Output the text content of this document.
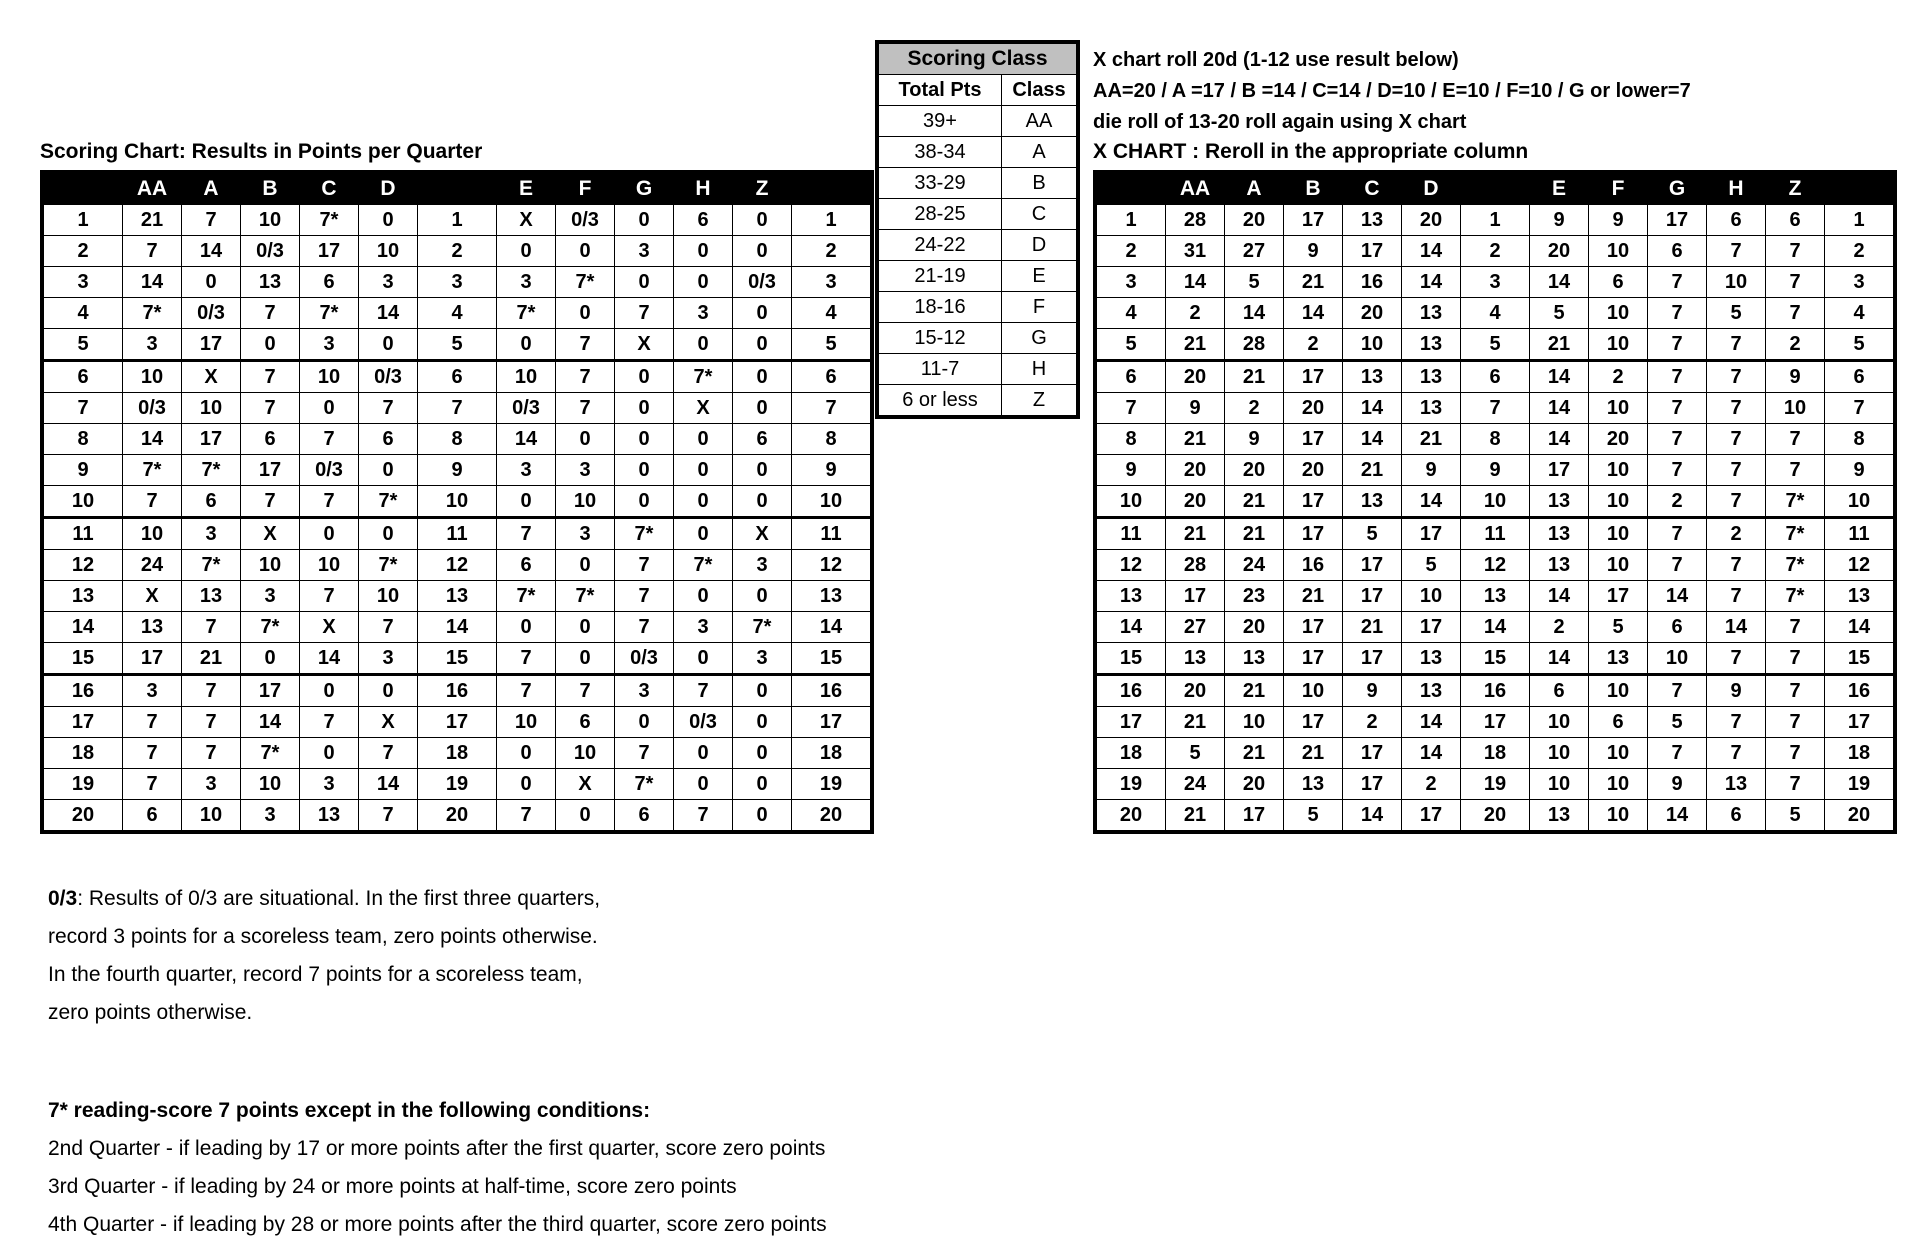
Scoring Chart: Results in Points per Quarter
	AA	A	B	C	D		E	F	G	H	Z	
1	21	7	10	7*	0	1	X	0/3	0	6	0	1
2	7	14	0/3	17	10	2	0	0	3	0	0	2
3	14	0	13	6	3	3	3	7*	0	0	0/3	3
4	7*	0/3	7	7*	14	4	7*	0	7	3	0	4
5	3	17	0	3	0	5	0	7	X	0	0	5
6	10	X	7	10	0/3	6	10	7	0	7*	0	6
7	0/3	10	7	0	7	7	0/3	7	0	X	0	7
8	14	17	6	7	6	8	14	0	0	0	6	8
9	7*	7*	17	0/3	0	9	3	3	0	0	0	9
10	7	6	7	7	7*	10	0	10	0	0	0	10
11	10	3	X	0	0	11	7	3	7*	0	X	11
12	24	7*	10	10	7*	12	6	0	7	7*	3	12
13	X	13	3	7	10	13	7*	7*	7	0	0	13
14	13	7	7*	X	7	14	0	0	7	3	7*	14
15	17	21	0	14	3	15	7	0	0/3	0	3	15
16	3	7	17	0	0	16	7	7	3	7	0	16
17	7	7	14	7	X	17	10	6	0	0/3	0	17
18	7	7	7*	0	7	18	0	10	7	0	0	18
19	7	3	10	3	14	19	0	X	7*	0	0	19
20	6	10	3	13	7	20	7	0	6	7	0	20
Scoring Class	
Total Pts	Class
39+	AA
38-34	A
33-29	B
28-25	C
24-22	D
21-19	E
18-16	F
15-12	G
11-7	H
6 or less	Z
X chart roll 20d (1-12 use result below)
AA=20 / A =17 / B =14 / C=14 / D=10 / E=10 / F=10 / G or lower=7
die roll of 13-20 roll again using X chart
X CHART : Reroll in the appropriate column
	AA	A	B	C	D		E	F	G	H	Z	
1	28	20	17	13	20	1	9	9	17	6	6	1
2	31	27	9	17	14	2	20	10	6	7	7	2
3	14	5	21	16	14	3	14	6	7	10	7	3
4	2	14	14	20	13	4	5	10	7	5	7	4
5	21	28	2	10	13	5	21	10	7	7	2	5
6	20	21	17	13	13	6	14	2	7	7	9	6
7	9	2	20	14	13	7	14	10	7	7	10	7
8	21	9	17	14	21	8	14	20	7	7	7	8
9	20	20	20	21	9	9	17	10	7	7	7	9
10	20	21	17	13	14	10	13	10	2	7	7*	10
11	21	21	17	5	17	11	13	10	7	2	7*	11
12	28	24	16	17	5	12	13	10	7	7	7*	12
13	17	23	21	17	10	13	14	17	14	7	7*	13
14	27	20	17	21	17	14	2	5	6	14	7	14
15	13	13	17	17	13	15	14	13	10	7	7	15
16	20	21	10	9	13	16	6	10	7	9	7	16
17	21	10	17	2	14	17	10	6	5	7	7	17
18	5	21	21	17	14	18	10	10	7	7	7	18
19	24	20	13	17	2	19	10	10	9	13	7	19
20	21	17	5	14	17	20	13	10	14	6	5	20
0/3: Results of 0/3 are situational. In the first three quarters,
record 3 points for a scoreless team, zero points otherwise.
In the fourth quarter, record 7 points for a scoreless team,
zero points otherwise.
7* reading-score 7 points except in the following conditions:
2nd Quarter - if leading by 17 or more points after the first quarter, score zero points
3rd Quarter - if leading by 24 or more points at half-time, score zero points
4th Quarter - if leading by 28 or more points after the third quarter, score zero points
